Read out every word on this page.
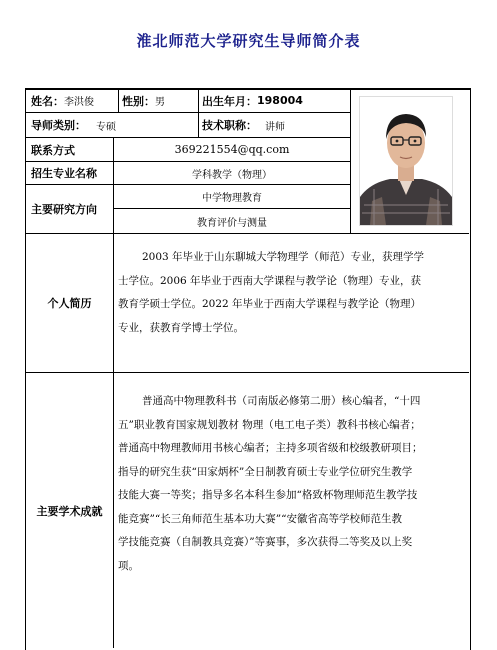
淮北师范大学研究生导师简介表
姓名： 李洪俊	性别： 男	出生年月： 198004
导师类别： 专硕	技术职称： 讲师
联系方式	369221554@qq.com
招生专业名称	学科教学（物理）
主要研究方向
中学物理教育
教育评价与测量
个人简历
2003 年毕业于山东聊城大学物理学（师范）专业，获理学学
士学位。2006 年毕业于西南大学课程与教学论（物理）专业，获
教育学硕士学位。2022 年毕业于西南大学课程与教学论（物理）
专业，获教育学博士学位。
主要学术成就
普通高中物理教科书（司南版必修第二册）核心编者，“十四
五”职业教育国家规划教材 物理（电工电子类）教科书核心编者；
普通高中物理教师用书核心编者；主持多项省级和校级教研项目；
指导的研究生获“田家炳杯”全日制教育硕士专业学位研究生教学
技能大赛一等奖；指导多名本科生参加“格致杯物理师范生教学技
能竞赛”“长三角师范生基本功大赛”“安徽省高等学校师范生教
学技能竞赛（自制教具竞赛）”等赛事，多次获得二等奖及以上奖
项。
